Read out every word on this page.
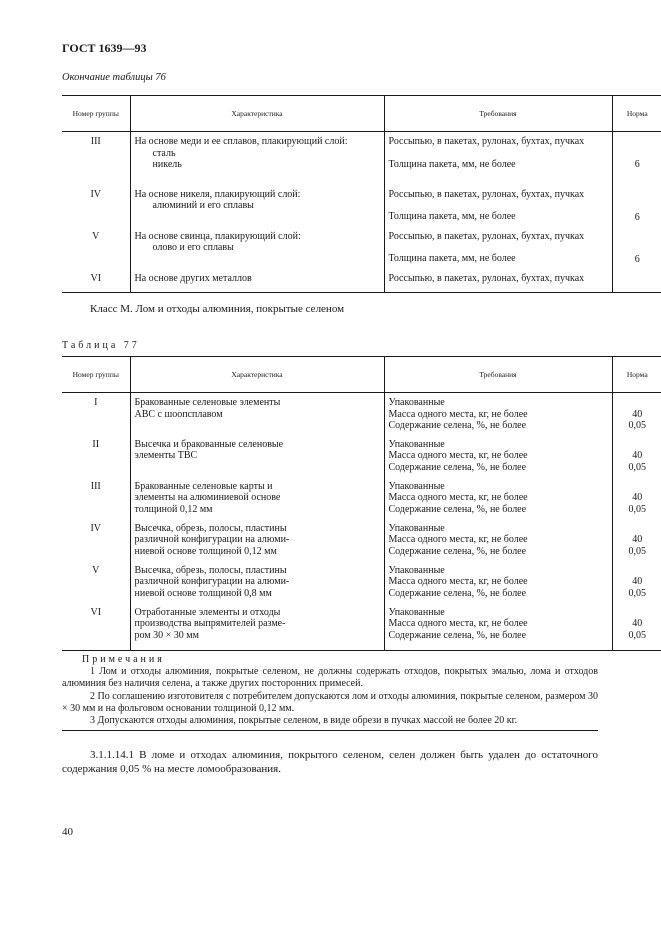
ГОСТ 1639—93
Окончание таблицы 76
Номер группы	Характеристика	Требования	Норма
III	На основе меди и ее сплавов, плакирующий слой:
сталь
никель	Россыпью, в пакетах, рулонах, бухтах, пучках
Толщина пакета, мм, не более	6
IV	На основе никеля, плакирующий слой:
алюминий и его сплавы	Россыпью, в пакетах, рулонах, бухтах, пучках
Толщина пакета, мм, не более	6
V	На основе свинца, плакирующий слой:
олово и его сплавы	Россыпью, в пакетах, рулонах, бухтах, пучках
Толщина пакета, мм, не более	6
VI	На основе других металлов	Россыпью, в пакетах, рулонах, бухтах, пучках	
Класс М. Лом и отходы алюминия, покрытые селеном
Таблица 77
Номер группы	Характеристика	Требования	Норма
I	Бракованные селеновые элементы
АВС с шоопсплавом	Упакованные
Масса одного места, кг, не более
Содержание селена, %, не более	40
0,05

II	Высечка и бракованные селеновые
элементы ТВС	Упакованные
Масса одного места, кг, не более
Содержание селена, %, не более	40
0,05

III	Бракованные селеновые карты и
элементы на алюминиевой основе
толщиной 0,12 мм	Упакованные
Масса одного места, кг, не более
Содержание селена, %, не более	40
0,05

IV	Высечка, обрезь, полосы, пластины
различной конфигурации на алюми-
ниевой основе толщиной 0,12 мм	Упакованные
Масса одного места, кг, не более
Содержание селена, %, не более	40
0,05

V	Высечка, обрезь, полосы, пластины
различной конфигурации на алюми-
ниевой основе толщиной 0,8 мм	Упакованные
Масса одного места, кг, не более
Содержание селена, %, не более	40
0,05

VI	Отработанные элементы и отходы
производства выпрямителей разме-
ром 30 × 30 мм	Упакованные
Масса одного места, кг, не более
Содержание селена, %, не более	40
0,05

Примечания

1 Лом и отходы алюминия, покрытые селеном, не должны содержать отходов, покрытых эмалью, лома и отходов алюминия без наличия селена, а также других посторонних примесей.

2 По соглашению изготовителя с потребителем допускаются лом и отходы алюминия, покрытые селеном, размером 30 × 30 мм и на фольговом основании толщиной 0,12 мм.

3 Допускаются отходы алюминия, покрытые селеном, в виде обрези в пучках массой не более 20 кг.

3.1.1.14.1 В ломе и отходах алюминия, покрытого селеном, селен должен быть удален до остаточного содержания 0,05 % на месте ломообразования.

40
